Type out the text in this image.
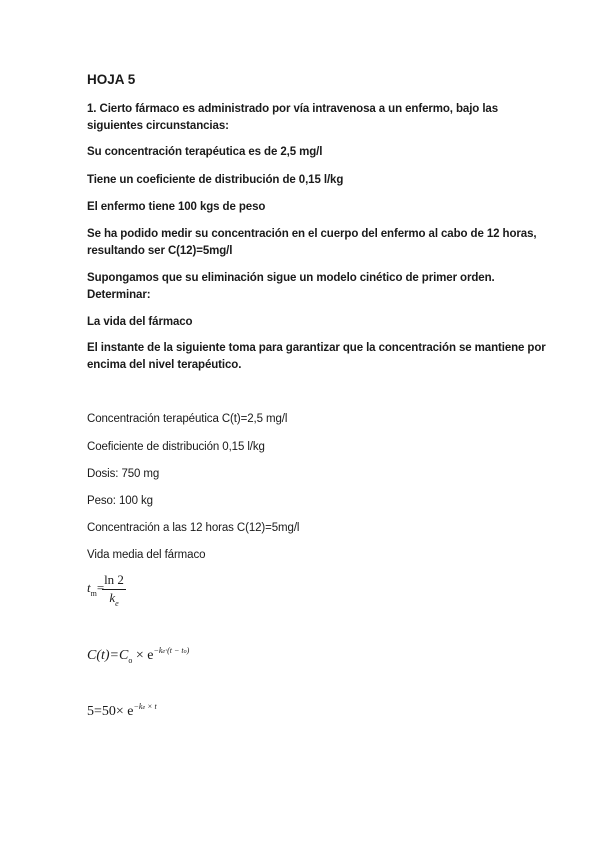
HOJA 5
1. Cierto fármaco es administrado por vía intravenosa a un enfermo, bajo las
siguientes circunstancias:
Su concentración terapéutica es de 2,5 mg/l
Tiene un coeficiente de distribución de 0,15 l/kg
El enfermo tiene 100 kgs de peso
Se ha podido medir su concentración en el cuerpo del enfermo al cabo de 12 horas,
resultando ser C(12)=5mg/l
Supongamos que su eliminación sigue un modelo cinético de primer orden.
Determinar:
La vida del fármaco
El instante de la siguiente toma para garantizar que la concentración se mantiene por
encima del nivel terapéutico.
Concentración terapéutica C(t)=2,5 mg/l
Coeficiente de distribución 0,15 l/kg
Dosis: 750 mg
Peso: 100 kg
Concentración a las 12 horas C(12)=5mg/l
Vida media del fármaco
$t_m=$
$\frac{\ln 2}{k_e}$
$C(t)=C_o \times e^{-ke\cdot(t - to)}$
$5=50\times e^{-ke \times t}$
